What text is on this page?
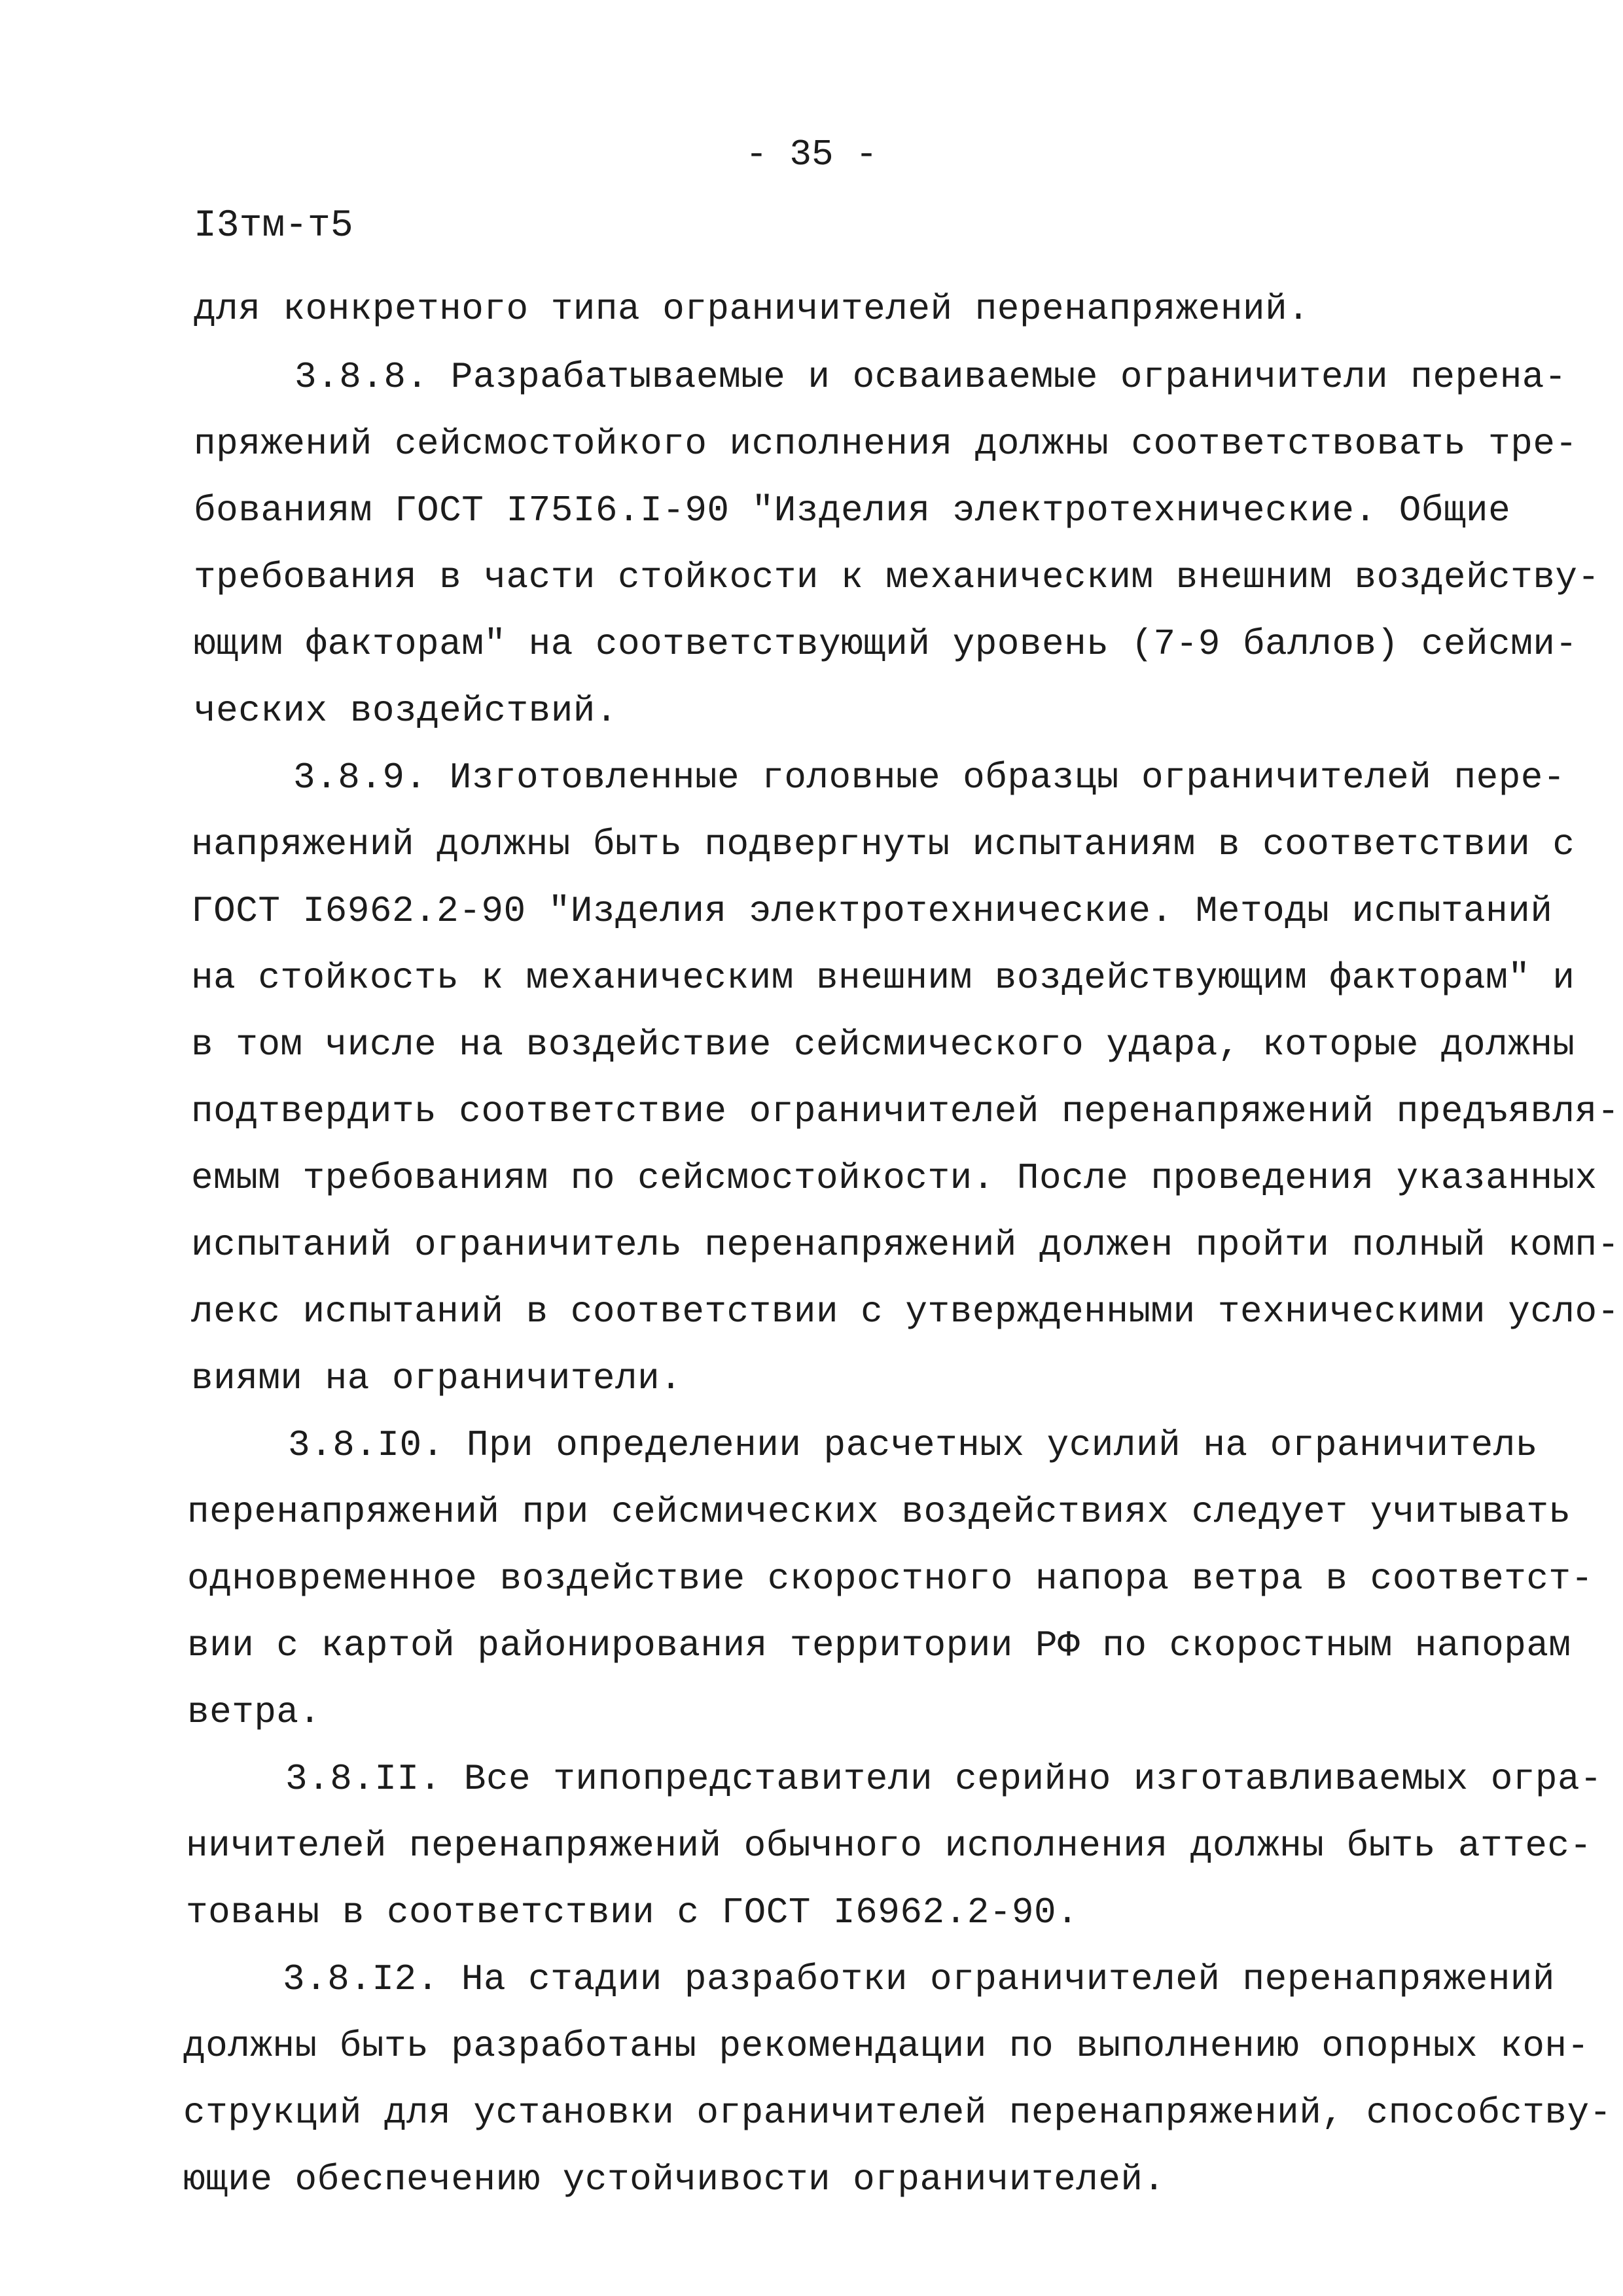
- 35 -
I3тм-т5
для конкретного типа ограничителей перенапряжений.
3.8.8. Разрабатываемые и осваиваемые ограничители перена-
пряжений сейсмостойкого исполнения должны соответствовать тре-
бованиям ГОСТ I75I6.I-90 "Изделия электротехнические. Общие
требования в части стойкости к механическим внешним воздейству-
ющим факторам" на соответствующий уровень (7-9 баллов) сейсми-
ческих воздействий.
3.8.9. Изготовленные головные образцы ограничителей пере-
напряжений должны быть подвергнуты испытаниям в соответствии с
ГОСТ I6962.2-90 "Изделия электротехнические. Методы испытаний
на стойкость к механическим внешним воздействующим факторам" и
в том числе на воздействие сейсмического удара, которые должны
подтвердить соответствие ограничителей перенапряжений предъявля-
емым требованиям по сейсмостойкости. После проведения указанных
испытаний ограничитель перенапряжений должен пройти полный комп-
лекс испытаний в соответствии с утвержденными техническими усло-
виями на ограничители.
3.8.I0. При определении расчетных усилий на ограничитель
перенапряжений при сейсмических воздействиях следует учитывать
одновременное воздействие скоростного напора ветра в соответст-
вии с картой районирования территории РФ по скоростным напорам
ветра.
3.8.II. Все типопредставители серийно изготавливаемых огра-
ничителей перенапряжений обычного исполнения должны быть аттес-
тованы в соответствии с ГОСТ I6962.2-90.
3.8.I2. На стадии разработки ограничителей перенапряжений
должны быть разработаны рекомендации по выполнению опорных кон-
струкций для установки ограничителей перенапряжений, способству-
ющие обеспечению устойчивости ограничителей.
